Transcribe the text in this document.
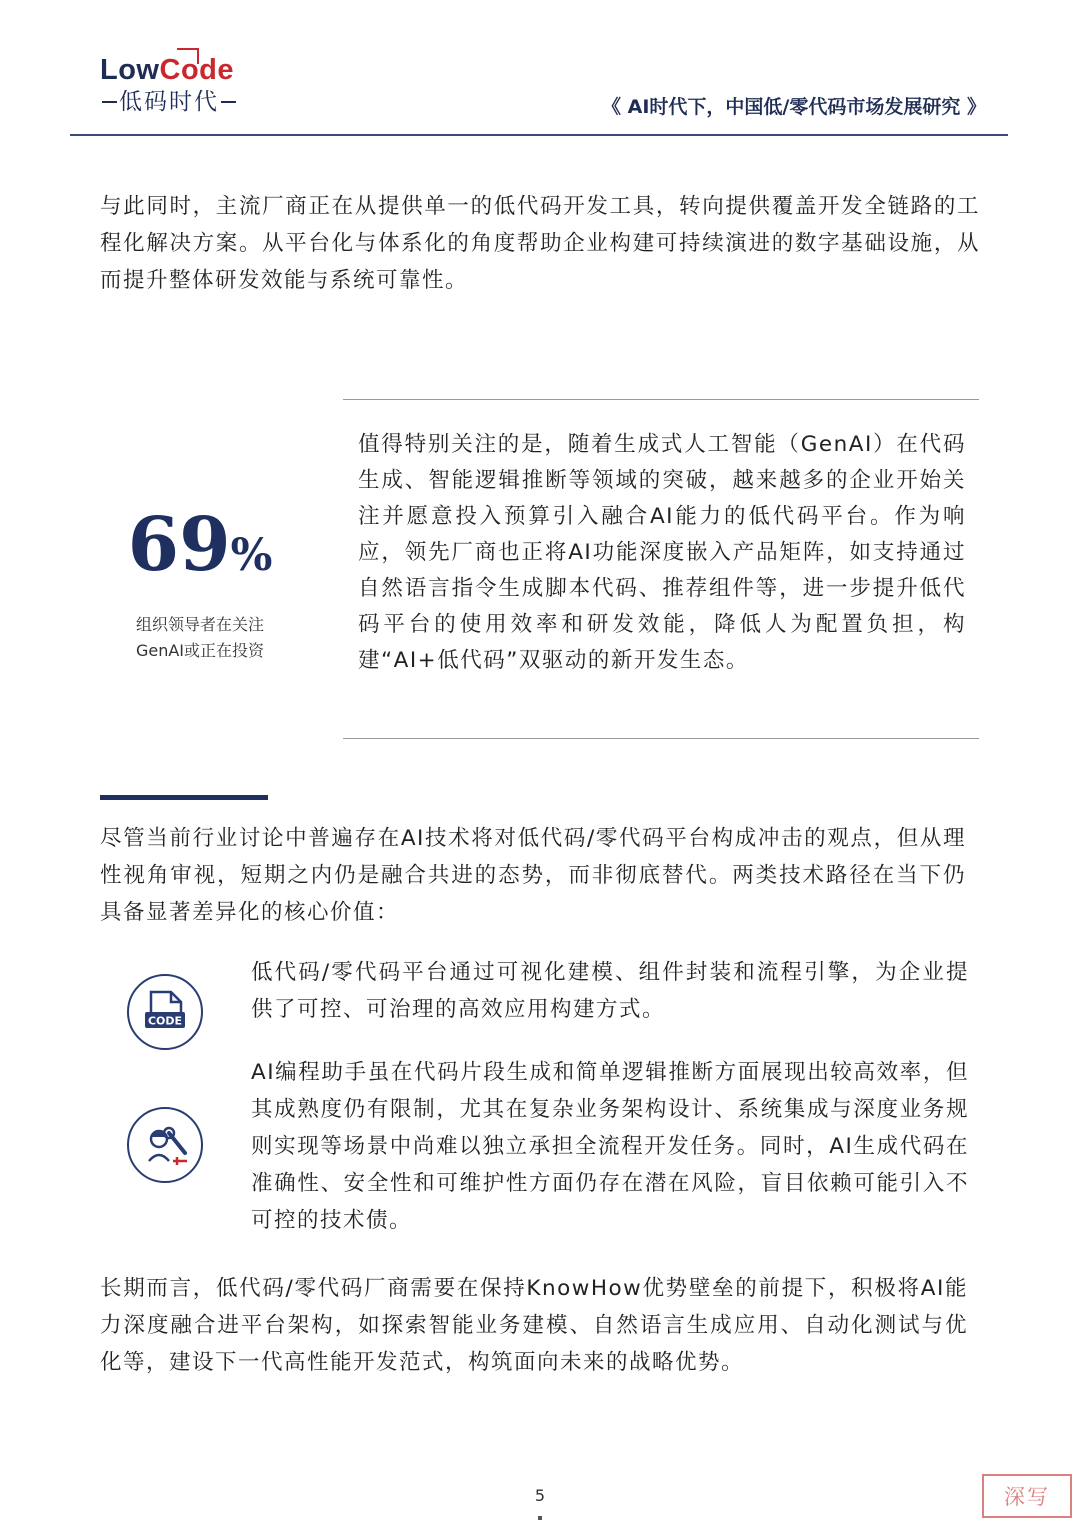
LowCode
低码时代	《 AI时代下，中国低/零代码市场发展研究 》

与此同时，主流厂商正在从提供单一的低代码开发工具，转向提供覆盖开发全链路的工程化解决方案。从平台化与体系化的角度帮助企业构建可持续演进的数字基础设施，从而提升整体研发效能与系统可靠性。

69%
组织领导者在关注
GenAI或正在投资

值得特别关注的是，随着生成式人工智能（GenAI）在代码生成、智能逻辑推断等领域的突破，越来越多的企业开始关注并愿意投入预算引入融合AI能力的低代码平台。作为响应，领先厂商也正将AI功能深度嵌入产品矩阵，如支持通过自然语言指令生成脚本代码、推荐组件等，进一步提升低代码平台的使用效率和研发效能，降低人为配置负担，构建“AI+低代码”双驱动的新开发生态。

尽管当前行业讨论中普遍存在AI技术将对低代码/零代码平台构成冲击的观点，但从理性视角审视，短期之内仍是融合共进的态势，而非彻底替代。两类技术路径在当下仍具备显著差异化的核心价值：

CODE

低代码/零代码平台通过可视化建模、组件封装和流程引擎，为企业提供了可控、可治理的高效应用构建方式。

AI编程助手虽在代码片段生成和简单逻辑推断方面展现出较高效率，但其成熟度仍有限制，尤其在复杂业务架构设计、系统集成与深度业务规则实现等场景中尚难以独立承担全流程开发任务。同时，AI生成代码在准确性、安全性和可维护性方面仍存在潜在风险，盲目依赖可能引入不可控的技术债。

长期而言，低代码/零代码厂商需要在保持KnowHow优势壁垒的前提下，积极将AI能力深度融合进平台架构，如探索智能业务建模、自然语言生成应用、自动化测试与优化等，建设下一代高性能开发范式，构筑面向未来的战略优势。

5	深写
